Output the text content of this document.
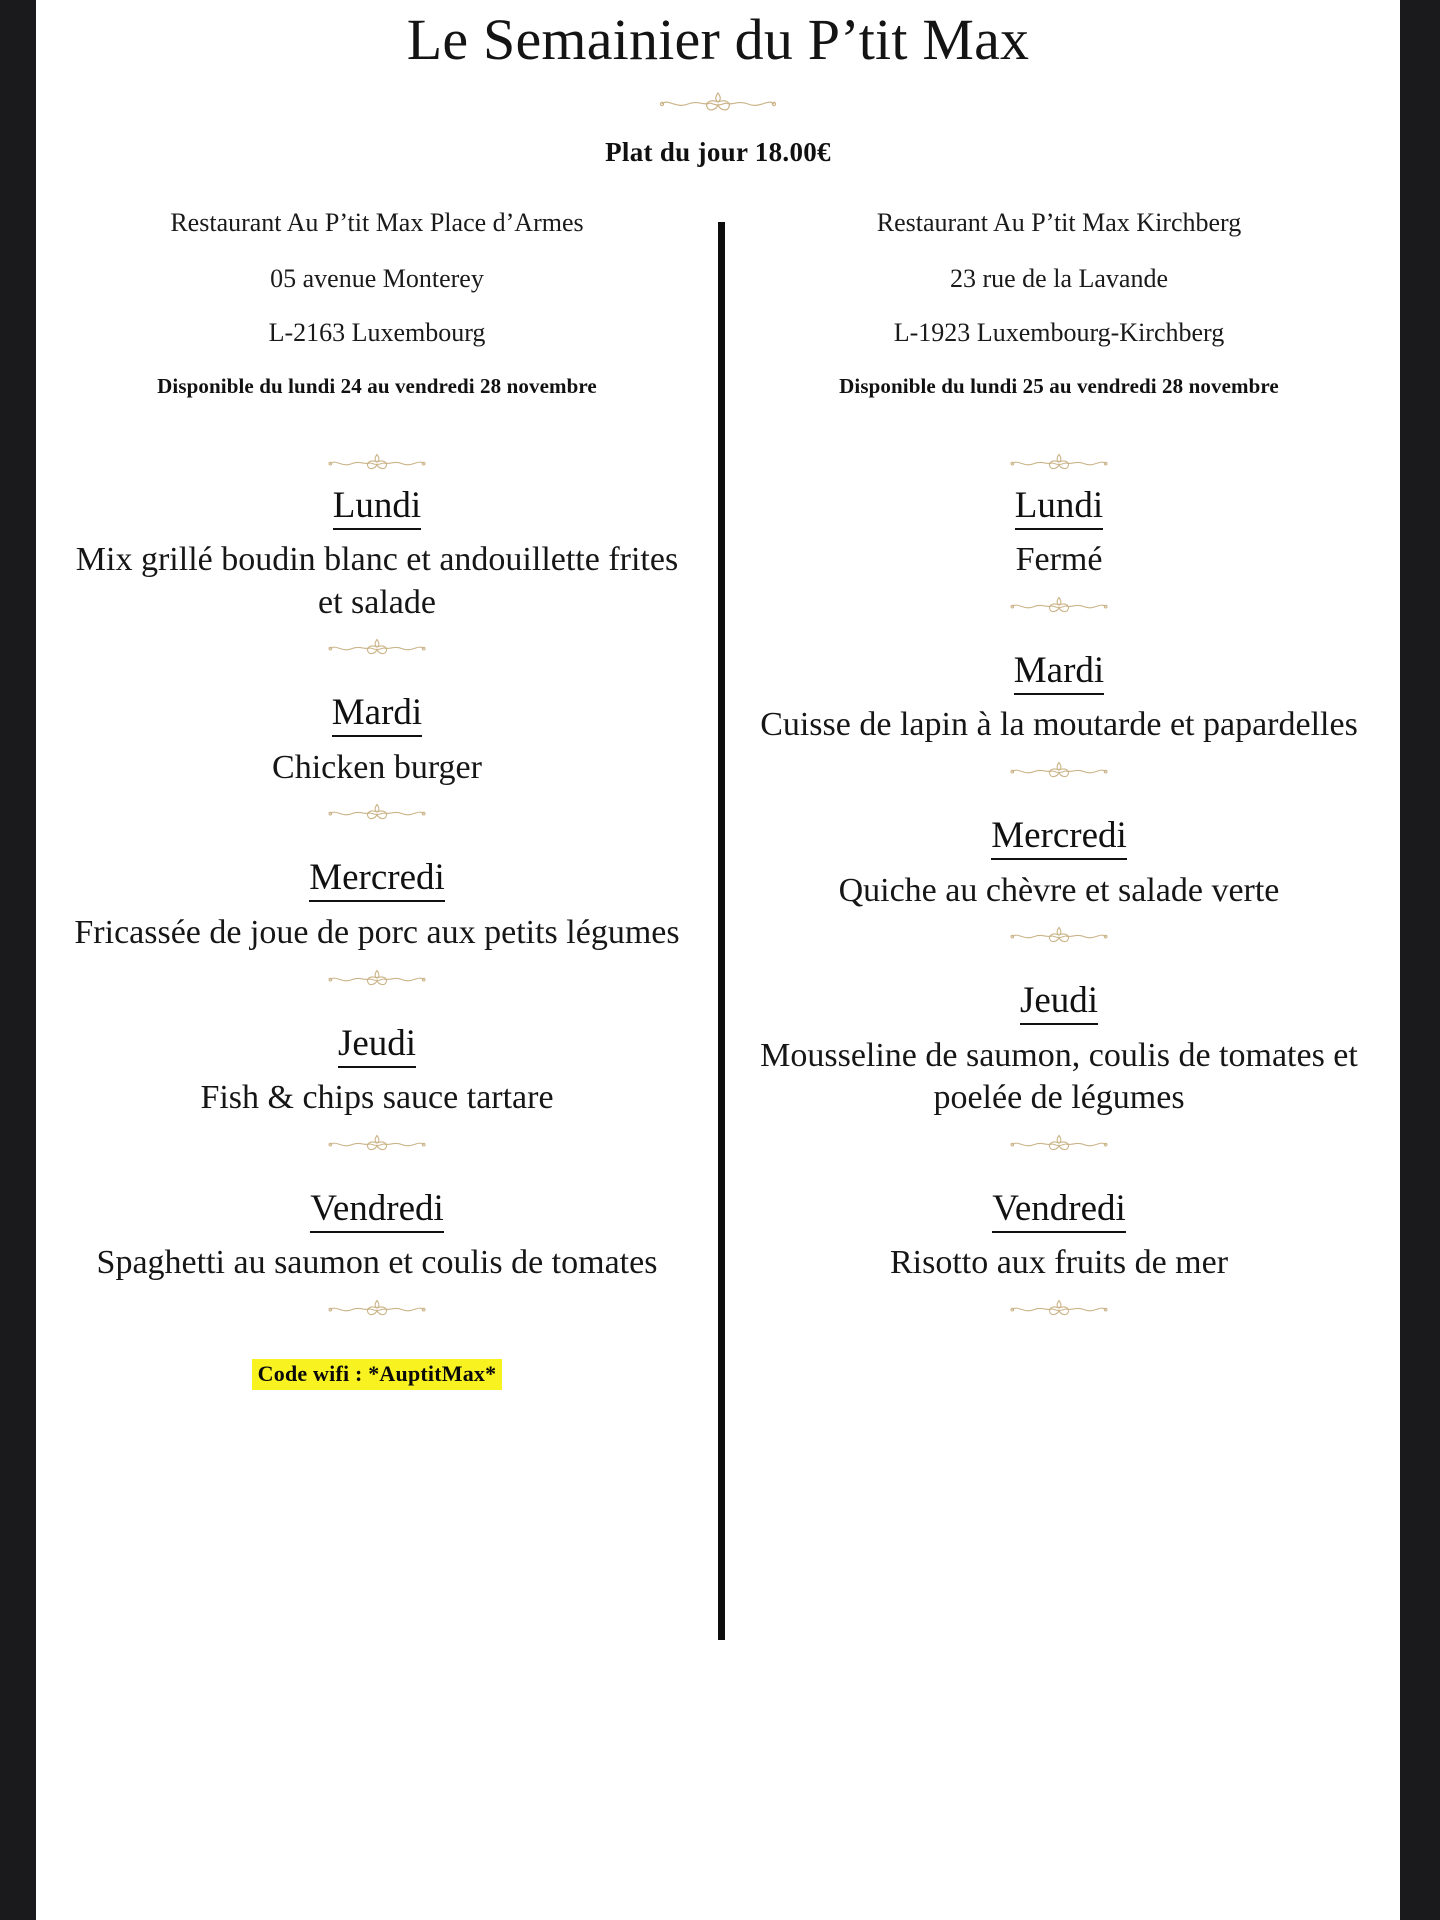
Le Semainier du P’tit Max
Plat du jour 18.00€
Restaurant Au P’tit Max Place d’Armes
05 avenue Monterey
L-2163 Luxembourg
Disponible du lundi 24 au vendredi 28 novembre
Lundi
Mix grillé boudin blanc et andouillette frites et salade
Mardi
Chicken burger
Mercredi
Fricassée de joue de porc aux petits légumes
Jeudi
Fish & chips sauce tartare
Vendredi
Spaghetti au saumon et coulis de tomates
Code wifi : *AuptitMax*
Restaurant Au P’tit Max Kirchberg
23 rue de la Lavande
L-1923 Luxembourg-Kirchberg
Disponible du lundi 25 au vendredi 28 novembre
Lundi
Fermé
Mardi
Cuisse de lapin à la moutarde et papardelles
Mercredi
Quiche au chèvre et salade verte
Jeudi
Mousseline de saumon, coulis de tomates et poelée de légumes
Vendredi
Risotto aux fruits de mer
